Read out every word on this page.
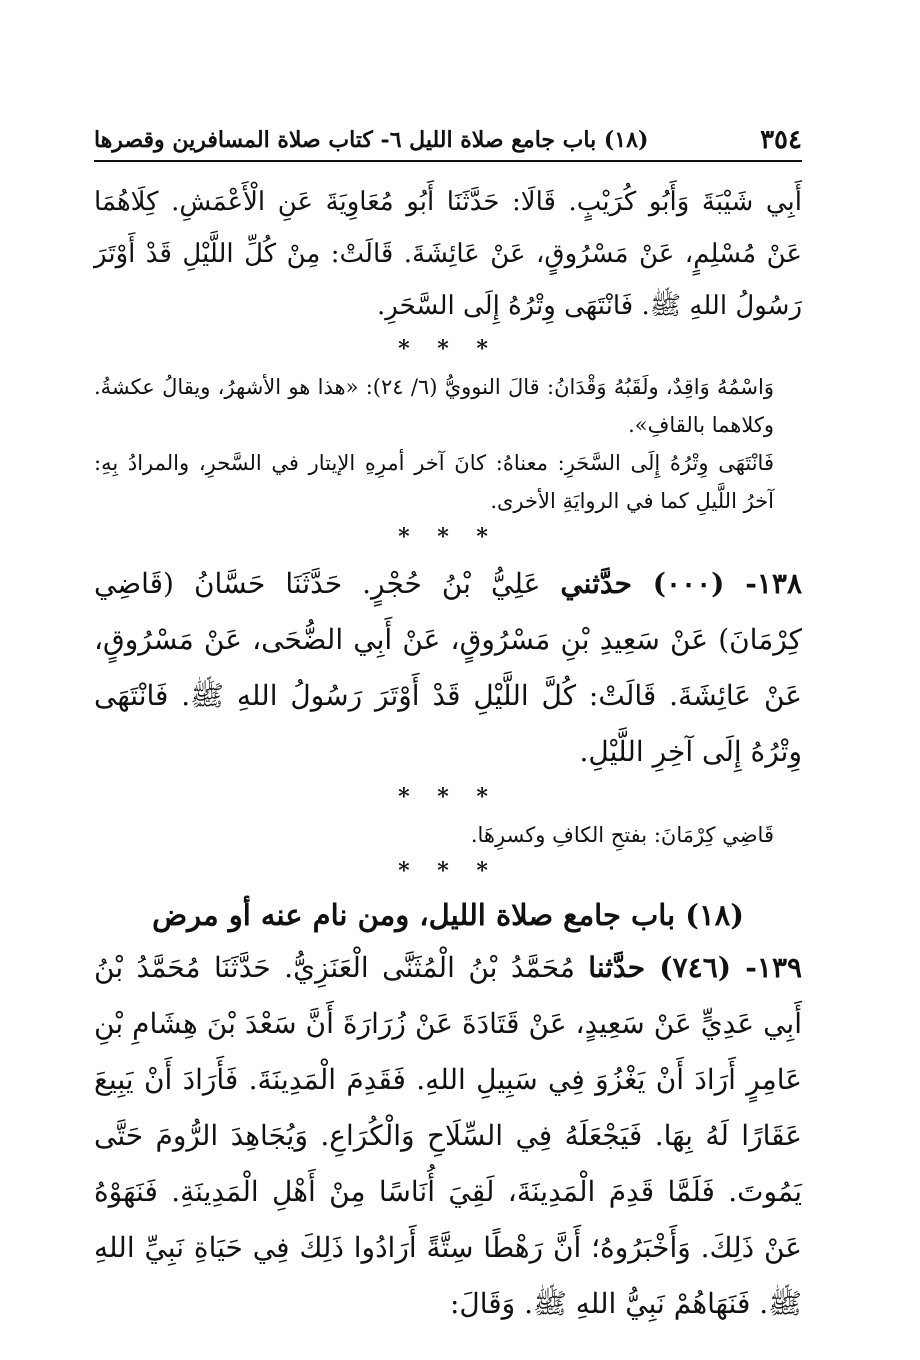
٣٥٤
(١٨) باب جامع صلاة الليل ٦- كتاب صلاة المسافرين وقصرها

أَبِي شَيْبَةَ وَأَبُو كُرَيْبٍ. قَالَا: حَدَّثَنَا أَبُو مُعَاوِيَةَ عَنِ الْأَعْمَشِ. كِلَاهُمَا عَنْ مُسْلِمٍ، عَنْ مَسْرُوقٍ، عَنْ عَائِشَةَ. قَالَتْ: مِنْ كُلِّ اللَّيْلِ قَدْ أَوْتَرَ رَسُولُ اللهِ ﷺ. فَانْتَهَى وِتْرُهُ إِلَى السَّحَرِ.

* * *

وَاسْمُهُ وَاقِدٌ، ولَقَبُهُ وَقْدَانُ: قالَ النوويُّ (٦/ ٢٤): «هذا هو الأشهرُ، ويقالُ عكشةُ. وكلاهما بالقافِ».

فَانْتَهَى وِتْرُهُ إِلَى السَّحَرِ: معناهُ: كانَ آخر أمرِهِ الإيتار في السَّحرِ، والمرادُ بِهِ: آخرُ اللَّيلِ كما في الروايَةِ الأخرى.

* * *

١٣٨- (٠٠٠) حدَّثني عَلِيُّ بْنُ حُجْرٍ. حَدَّثَنَا حَسَّانُ (قَاضِي كِرْمَانَ) عَنْ سَعِيدِ بْنِ مَسْرُوقٍ، عَنْ أَبِي الضُّحَى، عَنْ مَسْرُوقٍ، عَنْ عَائِشَةَ. قَالَتْ: كُلَّ اللَّيْلِ قَدْ أَوْتَرَ رَسُولُ اللهِ ﷺ. فَانْتَهَى وِتْرُهُ إِلَى آخِرِ اللَّيْلِ.

* * *

قَاضِي كِرْمَانَ: بفتحِ الكافِ وكسرِهَا.

* * *

(١٨) باب جامع صلاة الليل، ومن نام عنه أو مرض

١٣٩- (٧٤٦) حدَّثنا مُحَمَّدُ بْنُ الْمُثَنَّى الْعَنَزِيُّ. حَدَّثَنَا مُحَمَّدُ بْنُ أَبِي عَدِيٍّ عَنْ سَعِيدٍ، عَنْ قَتَادَةَ عَنْ زُرَارَةَ أَنَّ سَعْدَ بْنَ هِشَامِ بْنِ عَامِرٍ أَرَادَ أَنْ يَغْزُوَ فِي سَبِيلِ اللهِ. فَقَدِمَ الْمَدِينَةَ. فَأَرَادَ أَنْ يَبِيعَ عَقَارًا لَهُ بِهَا. فَيَجْعَلَهُ فِي السِّلَاحِ وَالْكُرَاعِ. وَيُجَاهِدَ الرُّومَ حَتَّى يَمُوتَ. فَلَمَّا قَدِمَ الْمَدِينَةَ، لَقِيَ أُنَاسًا مِنْ أَهْلِ الْمَدِينَةِ. فَنَهَوْهُ عَنْ ذَلِكَ. وَأَخْبَرُوهُ؛ أَنَّ رَهْطًا سِتَّةً أَرَادُوا ذَلِكَ فِي حَيَاةِ نَبِيِّ اللهِ ﷺ. فَنَهَاهُمْ نَبِيُّ اللهِ ﷺ. وَقَالَ:
